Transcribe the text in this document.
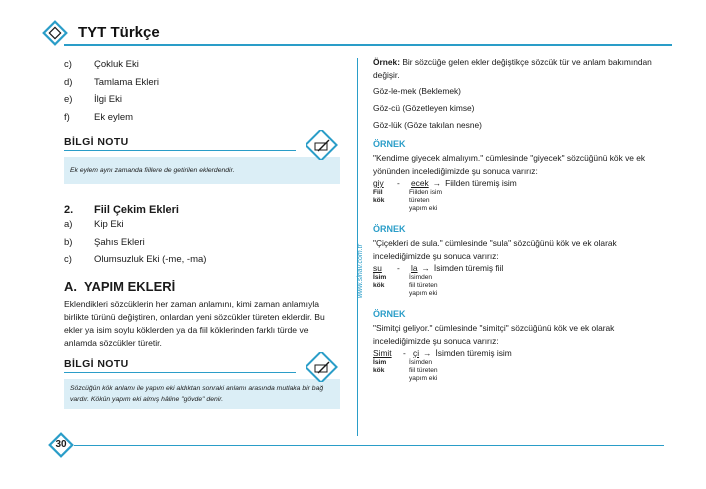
TYT Türkçe
www.sinav.com.tr
c)	Çokluk Eki
d)	Tamlama Ekleri
e)	İlgi Eki
f)	Ek eylem
BİLGİ NOTU
Ek eylem aynı zamanda fiillere de getirilen eklerdendir.
2.	Fiil Çekim Ekleri
a)	Kip Eki
b)	Şahıs Ekleri
c)	Olumsuzluk Eki (-me, -ma)
A. YAPIM EKLERİ
Eklendikleri sözcüklerin her zaman anlamını, kimi zaman anlamıyla birlikte türünü değiştiren, onlardan yeni sözcükler türeten eklerdir. Bu ekler ya isim soylu köklerden ya da fiil köklerinden farklı türde ve anlamda sözcükler türetir.
BİLGİ NOTU
Sözcüğün kök anlamı ile yapım eki aldıktan sonraki anlamı arasında mutlaka bir bağ vardır. Kökün yapım eki almış hâline "gövde" denir.
Örnek: Bir sözcüğe gelen ekler değiştikçe sözcük tür ve anlam bakımından değişir.
Göz-le-mek (Beklemek)
Göz-cü (Gözetleyen kimse)
Göz-lük (Göze takılan nesne)
ÖRNEK
"Kendime giyecek almalıyım." cümlesinde "giyecek" sözcüğünü kök ve ek yönünden incelediğimizde şu sonuca varırız:
giy	-	ecek → Fiilden türemiş isim
Fiil
kök
Fiilden isim
türeten
yapım eki
ÖRNEK
"Çiçekleri de sula." cümlesinde "sula" sözcüğünü kök ve ek olarak incelediğimizde şu sonuca varırız:
su	-	la → İsimden türemiş fiil
İsim
kök
İsimden
fiil türeten
yapım eki
ÖRNEK
"Simitçi geliyor." cümlesinde "simitçi" sözcüğünü kök ve ek olarak incelediğimizde şu sonuca varırız:
Simit	- çi → İsimden türemiş isim
İsim
kök
İsimden
fiil türeten
yapım eki
30
